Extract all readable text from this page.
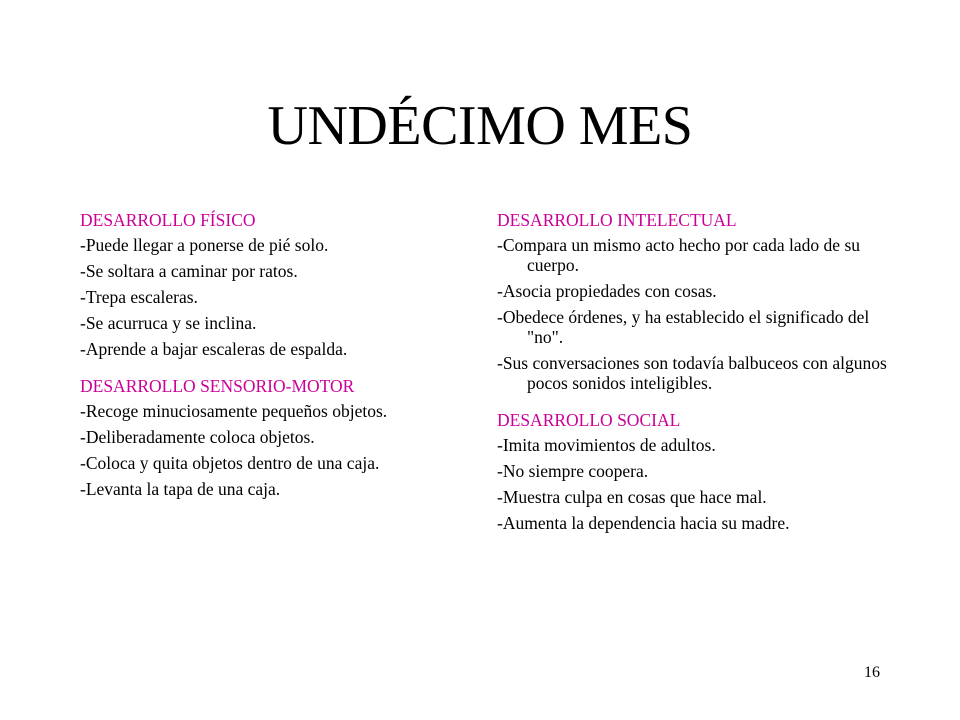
UNDÉCIMO MES
DESARROLLO FÍSICO
-Puede llegar a ponerse de pié solo.
-Se soltara a caminar por ratos.
-Trepa escaleras.
-Se acurruca y se inclina.
-Aprende a bajar escaleras de espalda.
DESARROLLO SENSORIO-MOTOR
-Recoge minuciosamente pequeños objetos.
-Deliberadamente coloca objetos.
-Coloca y quita objetos dentro de una caja.
-Levanta la tapa de una caja.
DESARROLLO INTELECTUAL
-Compara un mismo acto hecho por cada lado de su cuerpo.
-Asocia propiedades con cosas.
-Obedece órdenes, y ha establecido el significado del "no".
-Sus conversaciones son todavía balbuceos con algunos pocos sonidos inteligibles.
DESARROLLO SOCIAL
-Imita movimientos de adultos.
-No siempre coopera.
-Muestra culpa en cosas que hace mal.
-Aumenta la dependencia hacia su madre.
16
